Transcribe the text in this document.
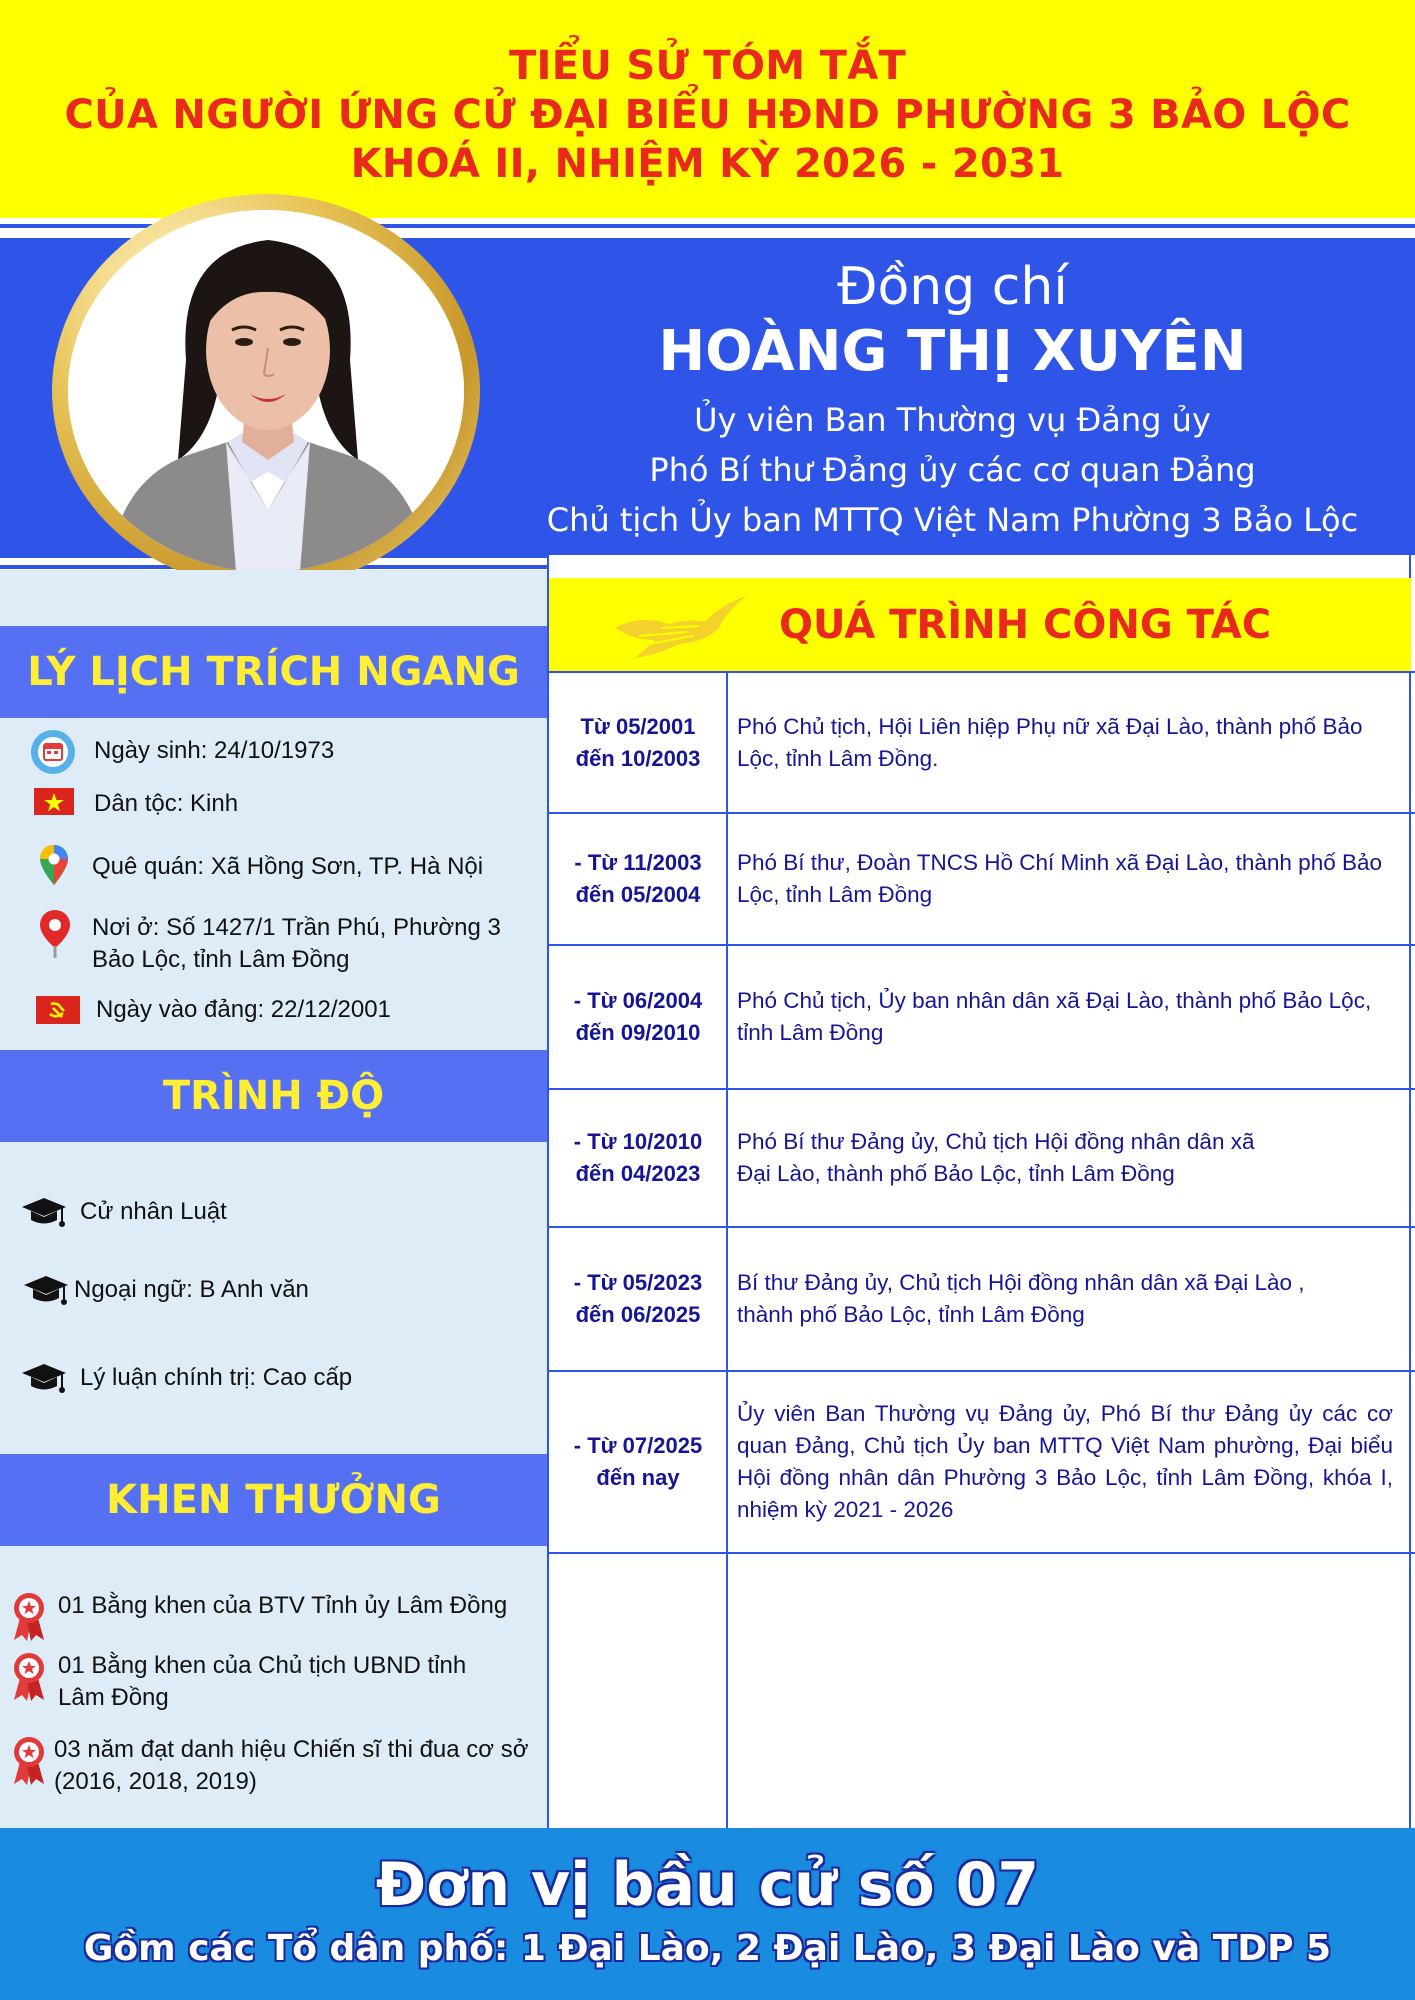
TIỂU SỬ TÓM TẮT
CỦA NGƯỜI ỨNG CỬ ĐẠI BIỂU HĐND PHƯỜNG 3 BẢO LỘC
KHOÁ II, NHIỆM KỲ 2026 - 2031
Đồng chí
HOÀNG THỊ XUYÊN
Ủy viên Ban Thường vụ Đảng ủy
Phó Bí thư Đảng ủy các cơ quan Đảng
Chủ tịch Ủy ban MTTQ Việt Nam Phường 3 Bảo Lộc
LÝ LỊCH TRÍCH NGANG
Ngày sinh: 24/10/1973
Dân tộc: Kinh
Quê quán: Xã Hồng Sơn, TP. Hà Nội
Nơi ở: Số 1427/1 Trần Phú, Phường 3 Bảo Lộc, tỉnh Lâm Đồng
Ngày vào đảng: 22/12/2001
TRÌNH ĐỘ
Cử nhân Luật
Ngoại ngữ: B Anh văn
Lý luận chính trị: Cao cấp
KHEN THƯỞNG
01 Bằng khen của BTV Tỉnh ủy Lâm Đồng
01 Bằng khen của Chủ tịch UBND tỉnh Lâm Đồng
03 năm đạt danh hiệu Chiến sĩ thi đua cơ sở (2016, 2018, 2019)
QUÁ TRÌNH CÔNG TÁC
Từ 05/2001
đến 10/2003
Phó Chủ tịch, Hội Liên hiệp Phụ nữ xã Đại Lào, thành phố Bảo Lộc, tỉnh Lâm Đồng.
- Từ 11/2003
đến 05/2004
Phó Bí thư, Đoàn TNCS Hồ Chí Minh xã Đại Lào, thành phố Bảo Lộc, tỉnh Lâm Đồng
- Từ 06/2004
đến 09/2010
Phó Chủ tịch, Ủy ban nhân dân xã Đại Lào, thành phố Bảo Lộc, tỉnh Lâm Đồng
- Từ 10/2010
đến 04/2023
Phó Bí thư Đảng ủy, Chủ tịch Hội đồng nhân dân xã Đại Lào, thành phố Bảo Lộc, tỉnh Lâm Đồng
- Từ 05/2023
đến 06/2025
Bí thư Đảng ủy, Chủ tịch Hội đồng nhân dân xã Đại Lào , thành phố Bảo Lộc, tỉnh Lâm Đồng
- Từ 07/2025
đến nay
Ủy viên Ban Thường vụ Đảng ủy, Phó Bí thư Đảng ủy các cơ quan Đảng, Chủ tịch Ủy ban MTTQ Việt Nam phường, Đại biểu Hội đồng nhân dân Phường 3 Bảo Lộc, tỉnh Lâm Đồng, khóa I, nhiệm kỳ 2021 - 2026
Đơn vị bầu cử số 07
Gồm các Tổ dân phố: 1 Đại Lào, 2 Đại Lào, 3 Đại Lào và TDP 5
